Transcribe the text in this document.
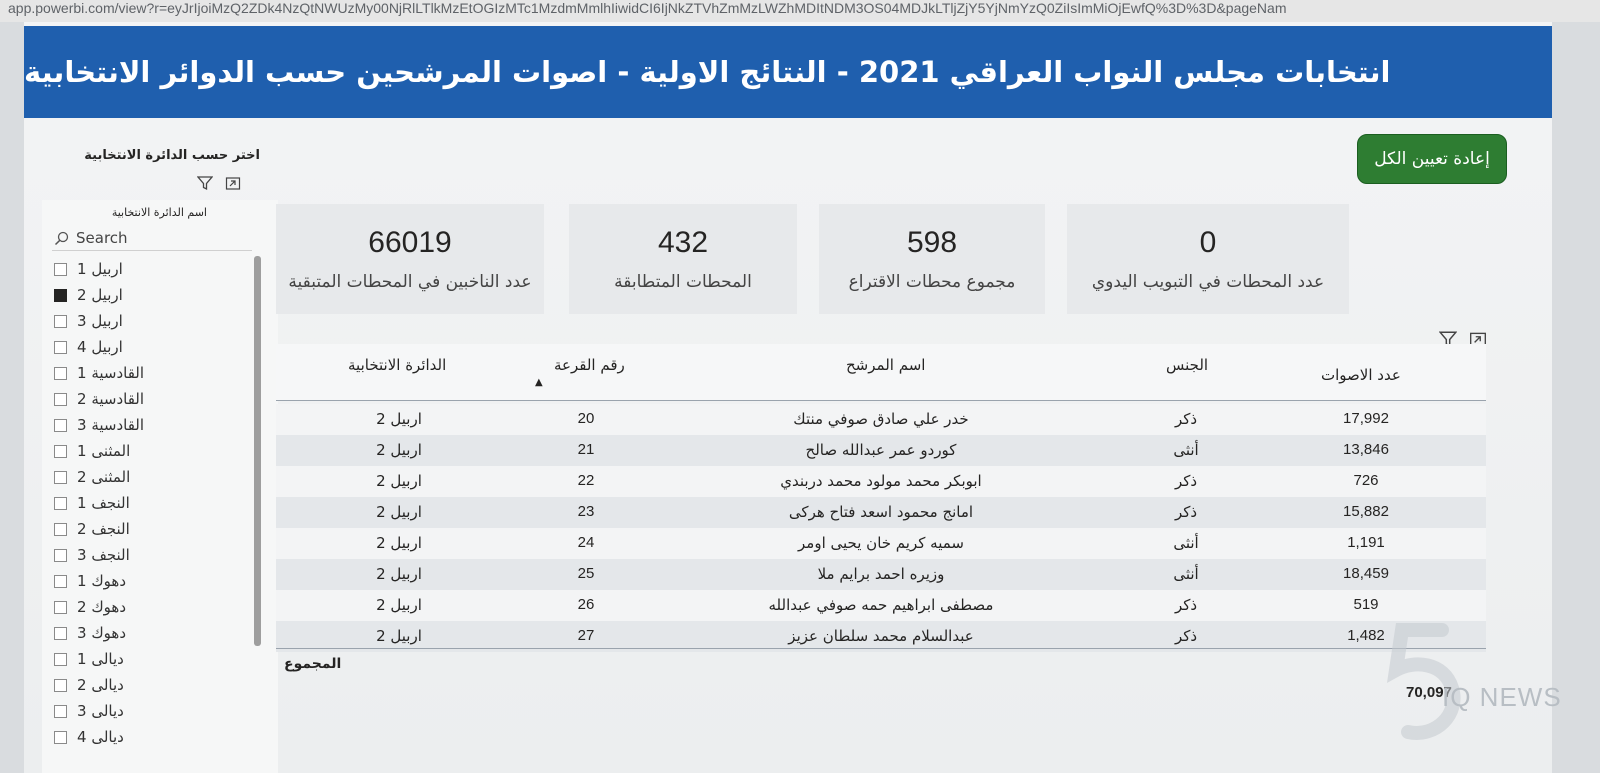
app.powerbi.com/view?r=eyJrIjoiMzQ2ZDk4NzQtNWUzMy00NjRlLTlkMzEtOGIzMTc1MzdmMmlhIiwidCI6IjNkZTVhZmMzLWZhMDItNDM3OS04MDJkLTljZjY5YjNmYzQ0ZiIsImMiOjEwfQ%3D%3D&pageNam
انتخابات مجلس النواب العراقي 2021 - النتائج الاولية - اصوات المرشحين حسب الدوائر الانتخابية
إعادة تعيين الكل
اختر حسب الدائرة الانتخابية
اسم الدائرة الانتخابية
Search
اربيل 1
اربيل 2
اربيل 3
اربيل 4
القادسية 1
القادسية 2
القادسية 3
المثنى 1
المثنى 2
النجف 1
النجف 2
النجف 3
دهوك 1
دهوك 2
دهوك 3
ديالى 1
ديالى 2
ديالى 3
ديالى 4
66019
عدد الناخبين في المحطات المتبقية
432
المحطات المتطابقة
598
مجموع محطات الاقتراع
0
عدد المحطات في التبويب اليدوي
الدائرة الانتخابية	رقم القرعة
▲
اسم المرشح	الجنس
عدد الاصوات
اربيل 2	20	خدر علي صادق صوفي منتك	ذكر	17,992
اربيل 2	21	كوردو عمر عبدالله صالح	أنثى	13,846
اربيل 2	22	ابوبكر محمد مولود محمد دربندي	ذكر	726
اربيل 2	23	امانج محمود اسعد فتاح هركى	ذكر	15,882
اربيل 2	24	سميه كريم خان يحيى اومر	أنثى	1,191
اربيل 2	25	وزيره احمد برايم ملا	أنثى	18,459
اربيل 2	26	مصطفى ابراهيم حمه صوفي عبدالله	ذكر	519
اربيل 2	27	عبدالسلام محمد سلطان عزيز	ذكر	1,482
المجموع
70,097
IQ NEWS
